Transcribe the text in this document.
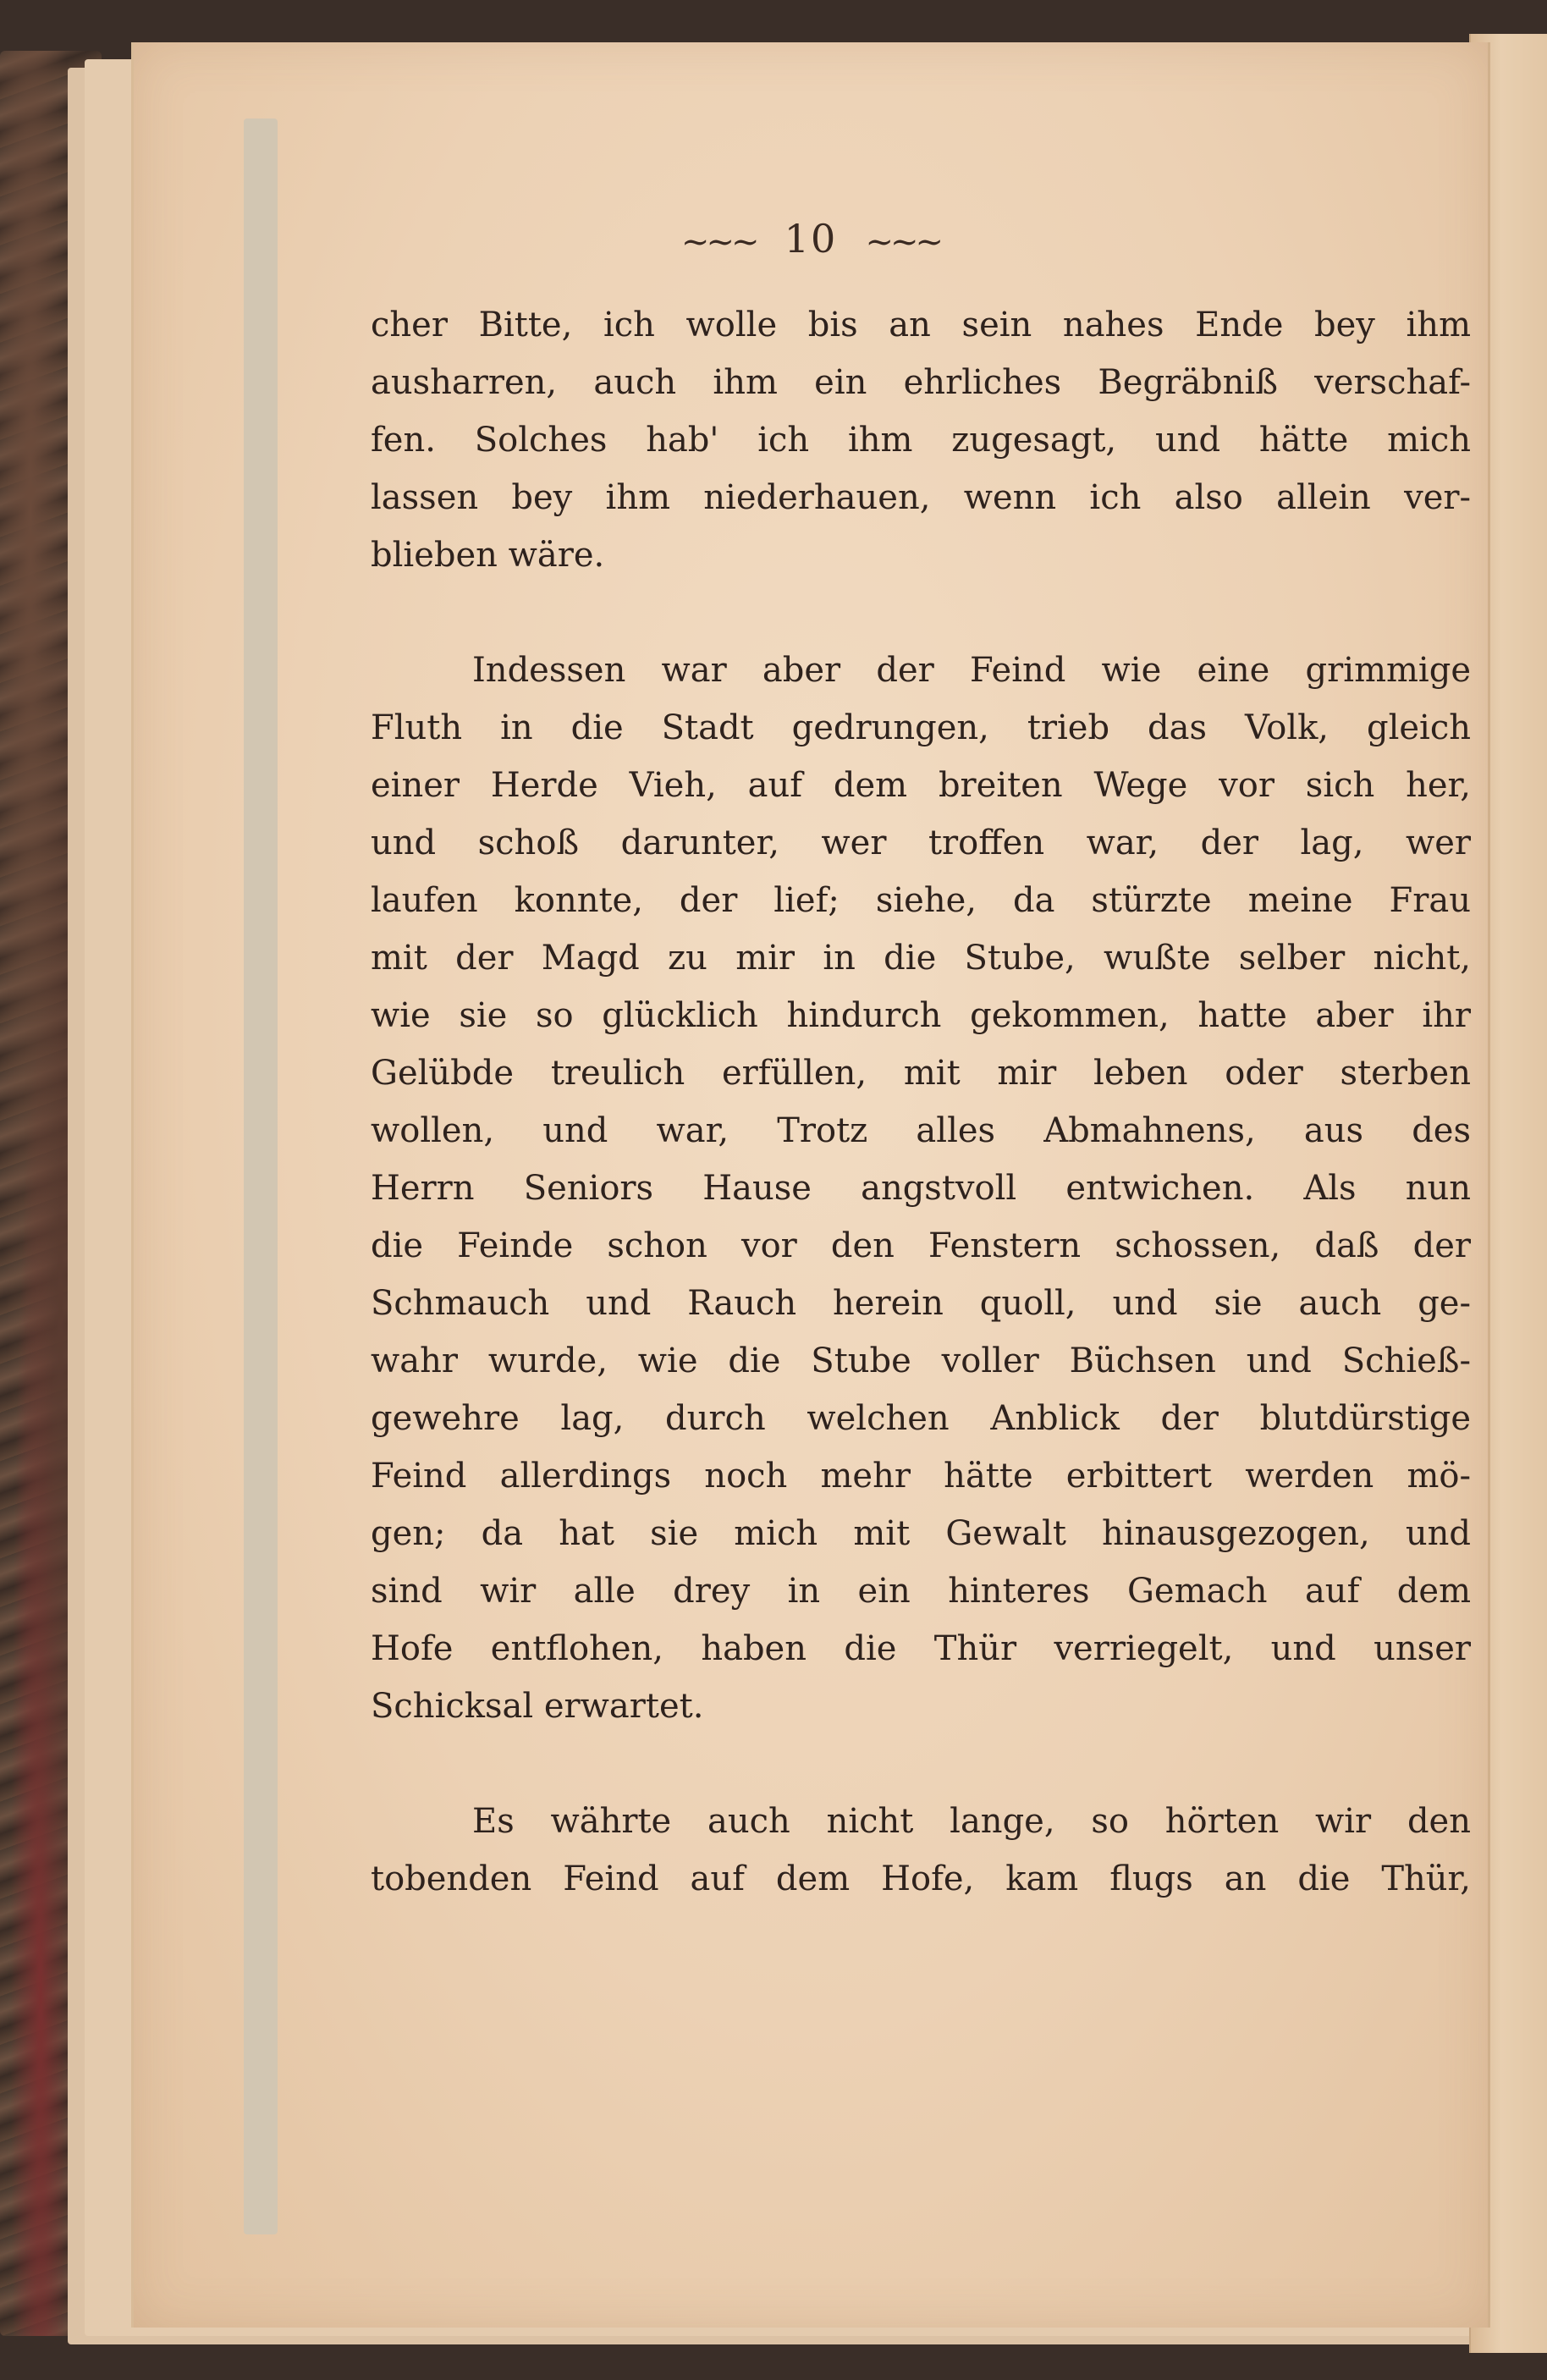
~~~ 10 ~~~
cher Bitte, ich wolle bis an sein nahes Ende bey ihm
ausharren, auch ihm ein ehrliches Begräbniß verschaf-
fen. Solches hab' ich ihm zugesagt, und hätte mich
lassen bey ihm niederhauen, wenn ich also allein ver-
blieben wäre.
Indessen war aber der Feind wie eine grimmige
Fluth in die Stadt gedrungen, trieb das Volk, gleich
einer Herde Vieh, auf dem breiten Wege vor sich her,
und schoß darunter, wer troffen war, der lag, wer
laufen konnte, der lief; siehe, da stürzte meine Frau
mit der Magd zu mir in die Stube, wußte selber nicht,
wie sie so glücklich hindurch gekommen, hatte aber ihr
Gelübde treulich erfüllen, mit mir leben oder sterben
wollen, und war, Trotz alles Abmahnens, aus des
Herrn Seniors Hause angstvoll entwichen. Als nun
die Feinde schon vor den Fenstern schossen, daß der
Schmauch und Rauch herein quoll, und sie auch ge-
wahr wurde, wie die Stube voller Büchsen und Schieß-
gewehre lag, durch welchen Anblick der blutdürstige
Feind allerdings noch mehr hätte erbittert werden mö-
gen; da hat sie mich mit Gewalt hinausgezogen, und
sind wir alle drey in ein hinteres Gemach auf dem
Hofe entflohen, haben die Thür verriegelt, und unser
Schicksal erwartet.
Es währte auch nicht lange, so hörten wir den
tobenden Feind auf dem Hofe, kam flugs an die Thür,
